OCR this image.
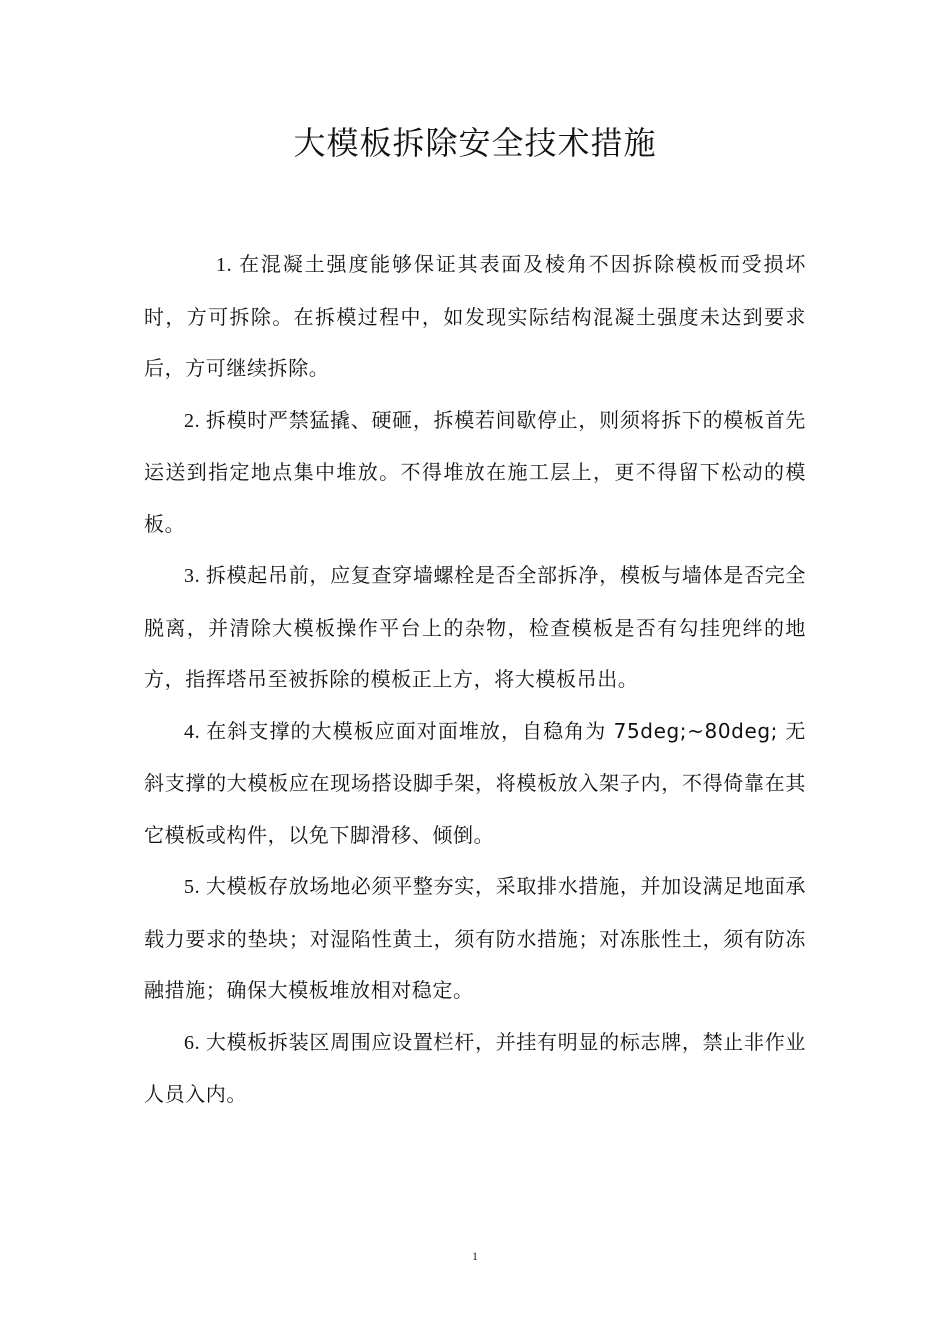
大模板拆除安全技术措施

1. 在混凝土强度能够保证其表面及棱角不因拆除模板而受损坏时，方可拆除。在拆模过程中，如发现实际结构混凝土强度未达到要求后，方可继续拆除。

2. 拆模时严禁猛撬、硬砸，拆模若间歇停止，则须将拆下的模板首先运送到指定地点集中堆放。不得堆放在施工层上，更不得留下松动的模板。

3. 拆模起吊前，应复查穿墙螺栓是否全部拆净，模板与墙体是否完全脱离，并清除大模板操作平台上的杂物，检查模板是否有勾挂兜绊的地方，指挥塔吊至被拆除的模板正上方，将大模板吊出。

4. 在斜支撑的大模板应面对面堆放，自稳角为 75deg;~80deg; 无斜支撑的大模板应在现场搭设脚手架，将模板放入架子内，不得倚靠在其它模板或构件，以免下脚滑移、倾倒。

5. 大模板存放场地必须平整夯实，采取排水措施，并加设满足地面承载力要求的垫块；对湿陷性黄土，须有防水措施；对冻胀性土，须有防冻融措施；确保大模板堆放相对稳定。

6. 大模板拆装区周围应设置栏杆，并挂有明显的标志牌，禁止非作业人员入内。

1
